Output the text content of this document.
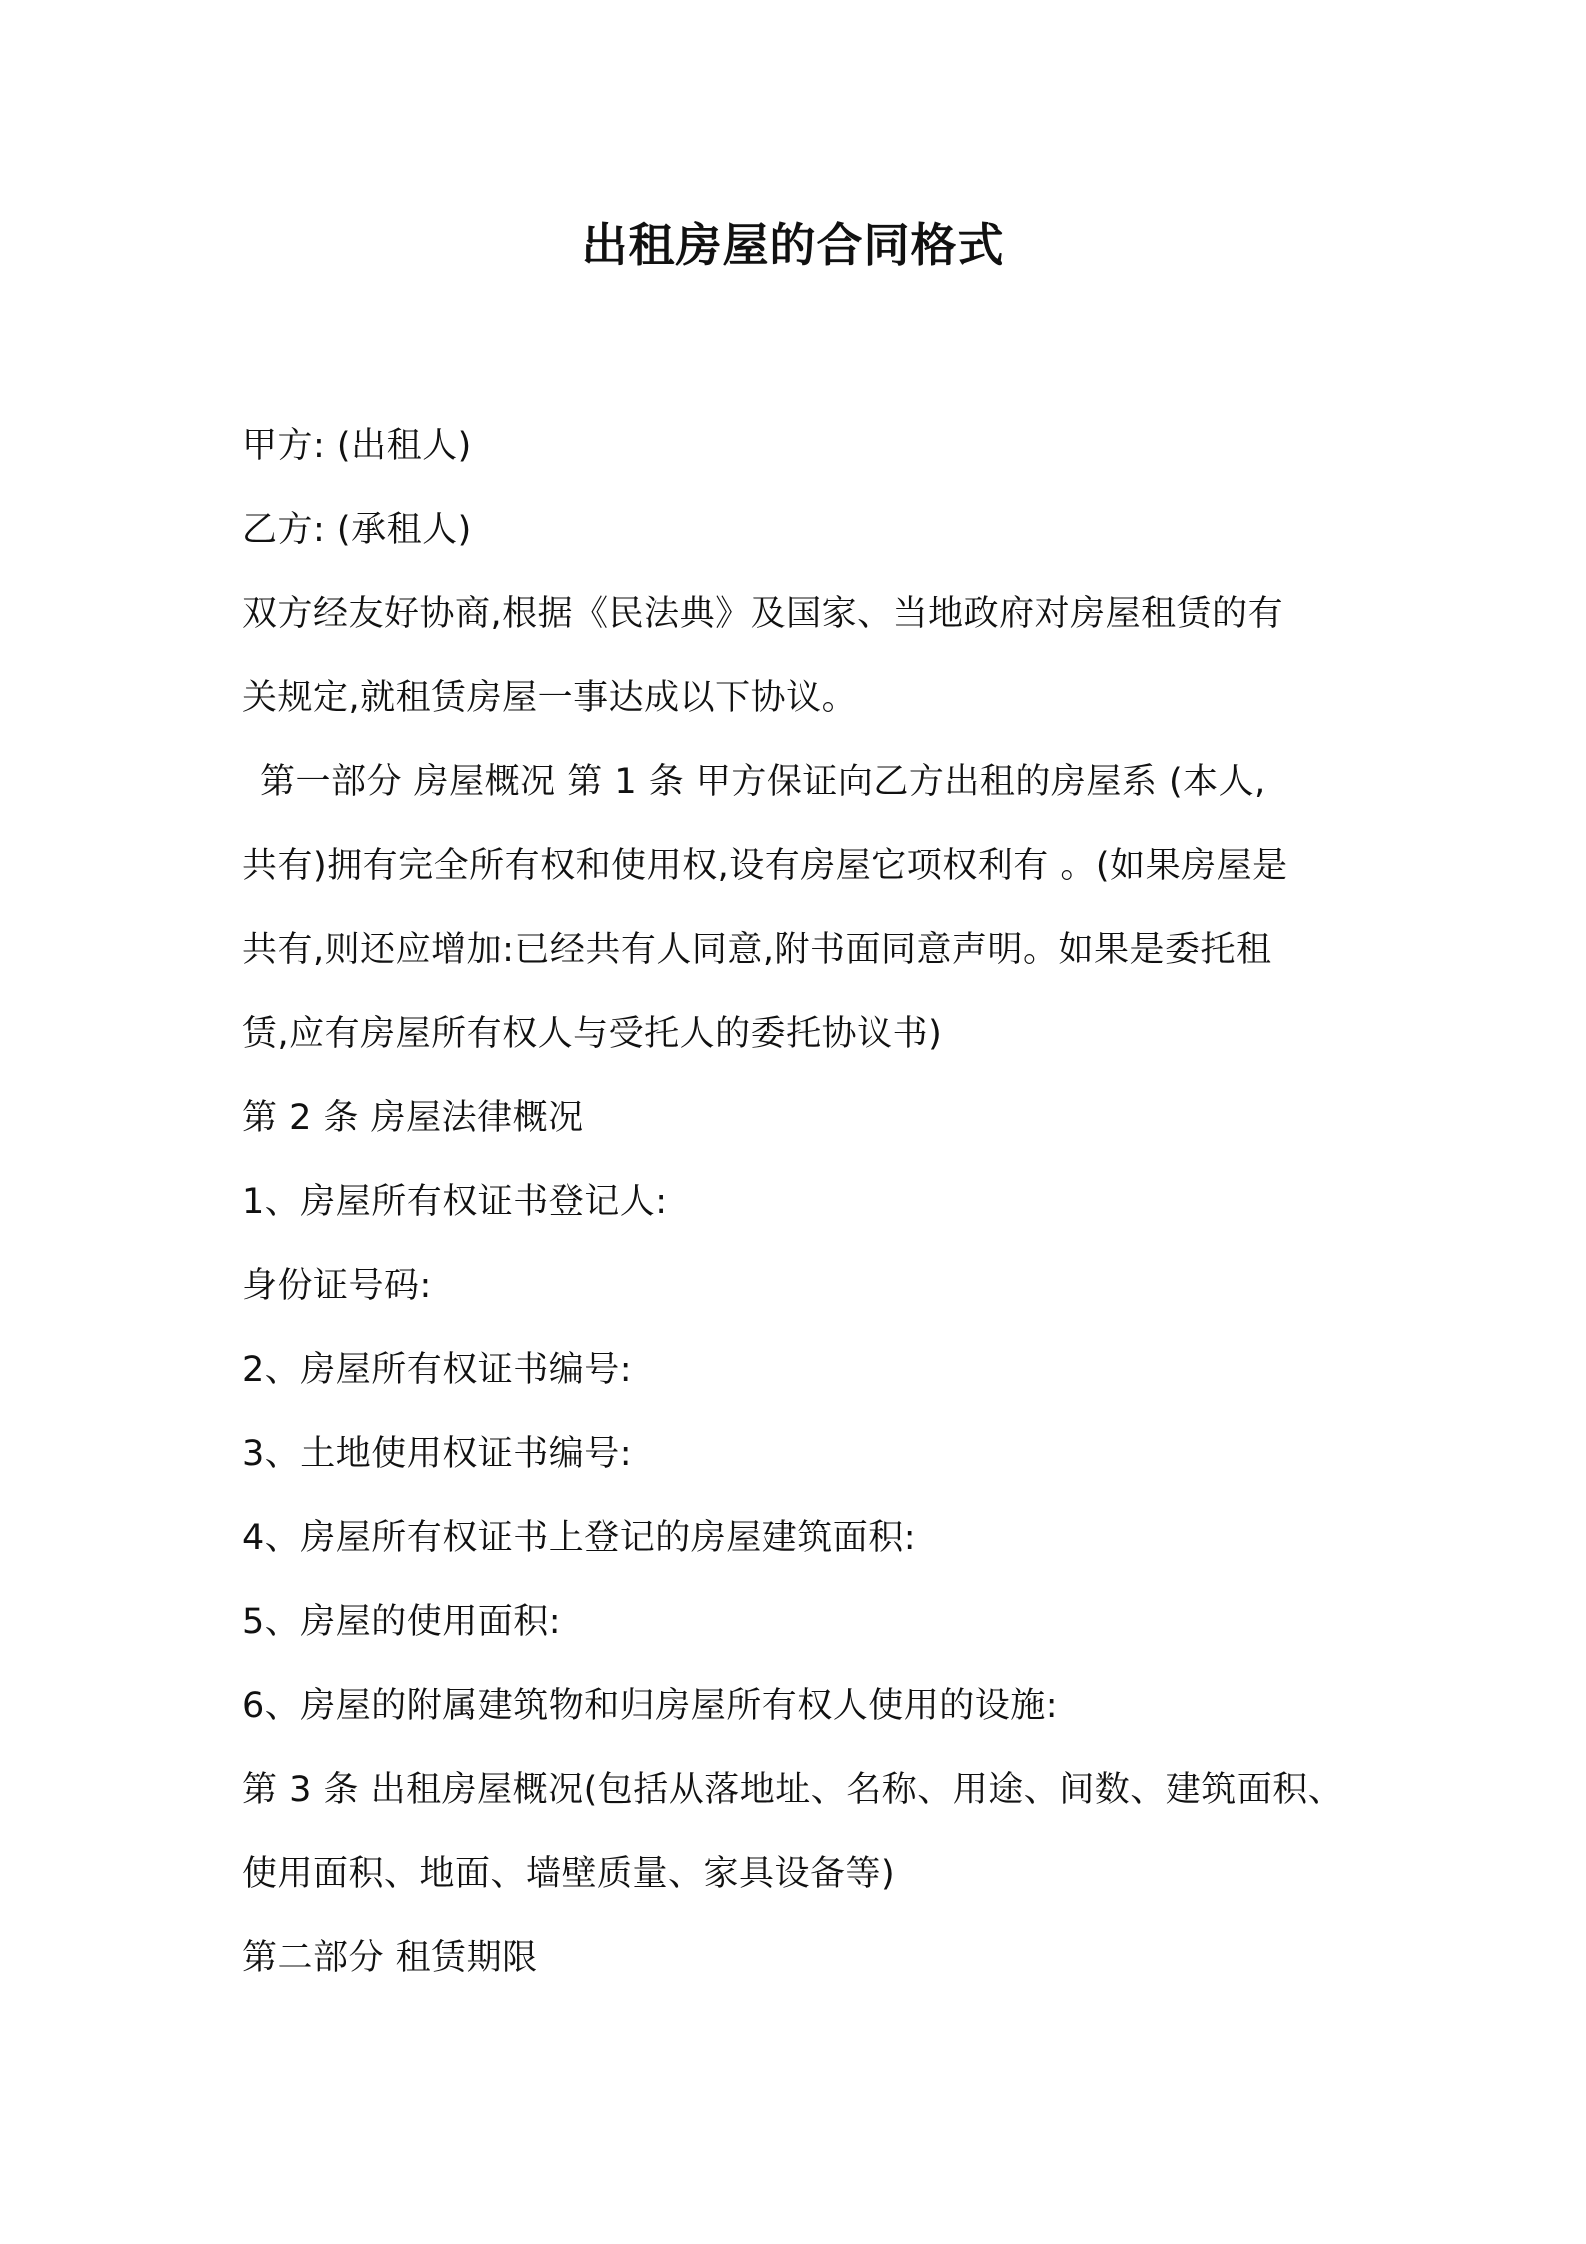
出租房屋的合同格式
甲方: (出租人)
乙方: (承租人)
双方经友好协商,根据《民法典》及国家、当地政府对房屋租赁的有
关规定,就租赁房屋一事达成以下协议。
第一部分 房屋概况 第 1 条 甲方保证向乙方出租的房屋系 (本人,
共有)拥有完全所有权和使用权,设有房屋它项权利有 。(如果房屋是
共有,则还应增加:已经共有人同意,附书面同意声明。如果是委托租
赁,应有房屋所有权人与受托人的委托协议书)
第 2 条 房屋法律概况
1、房屋所有权证书登记人:
身份证号码:
2、房屋所有权证书编号:
3、土地使用权证书编号:
4、房屋所有权证书上登记的房屋建筑面积:
5、房屋的使用面积:
6、房屋的附属建筑物和归房屋所有权人使用的设施:
第 3 条 出租房屋概况(包括从落地址、名称、用途、间数、建筑面积、
使用面积、地面、墙壁质量、家具设备等)
第二部分 租赁期限
